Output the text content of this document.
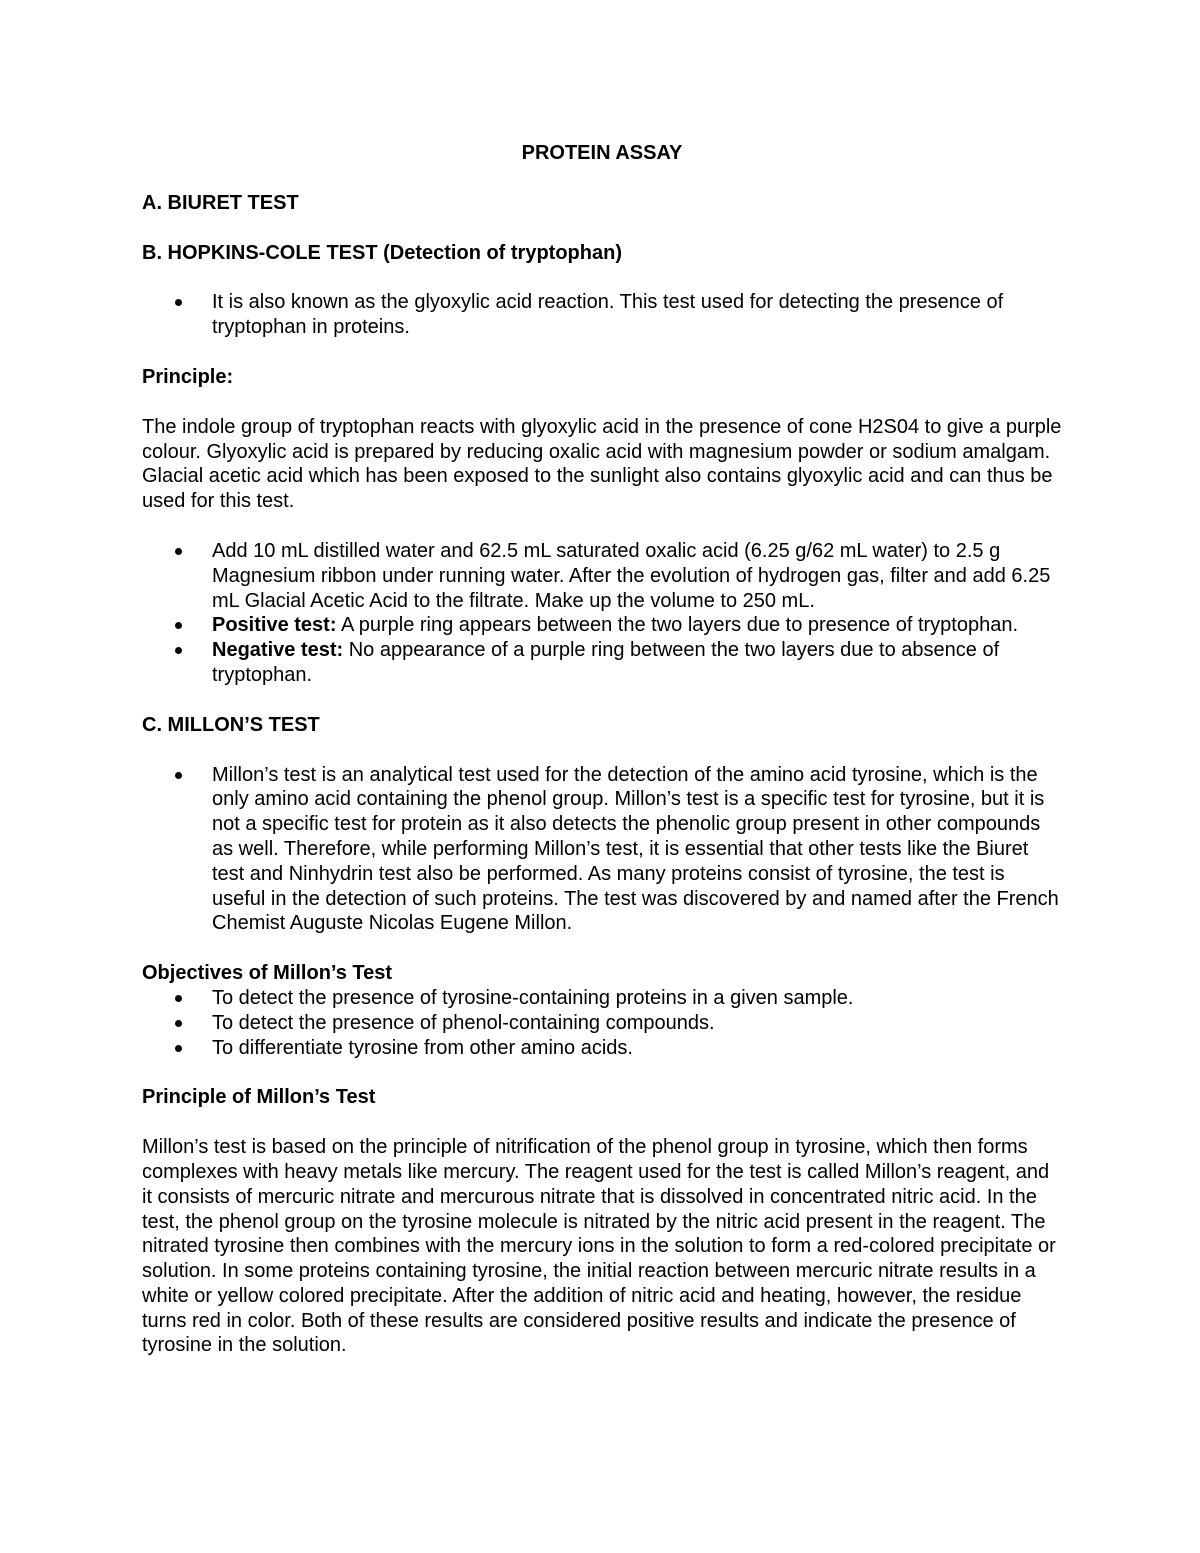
PROTEIN ASSAY
A. BIURET TEST
B. HOPKINS-COLE TEST (Detection of tryptophan)
It is also known as the glyoxylic acid reaction. This test used for detecting the presence of tryptophan in proteins.
Principle:

The indole group of tryptophan reacts with glyoxylic acid in the presence of cone H2S04 to give a purple colour. Glyoxylic acid is prepared by reducing oxalic acid with magnesium powder or sodium amalgam. Glacial acetic acid which has been exposed to the sunlight also contains glyoxylic acid and can thus be used for this test.

Add 10 mL distilled water and 62.5 mL saturated oxalic acid (6.25 g/62 mL water) to 2.5 g Magnesium ribbon under running water. After the evolution of hydrogen gas, filter and add 6.25 mL Glacial Acetic Acid to the filtrate. Make up the volume to 250 mL.
Positive test: A purple ring appears between the two layers due to presence of tryptophan.
Negative test: No appearance of a purple ring between the two layers due to absence of tryptophan.
C. MILLON’S TEST
Millon’s test is an analytical test used for the detection of the amino acid tyrosine, which is the only amino acid containing the phenol group. Millon’s test is a specific test for tyrosine, but it is not a specific test for protein as it also detects the phenolic group present in other compounds as well. Therefore, while performing Millon’s test, it is essential that other tests like the Biuret test and Ninhydrin test also be performed. As many proteins consist of tyrosine, the test is useful in the detection of such proteins. The test was discovered by and named after the French Chemist Auguste Nicolas Eugene Millon.
Objectives of Millon’s Test
To detect the presence of tyrosine-containing proteins in a given sample.
To detect the presence of phenol-containing compounds.
To differentiate tyrosine from other amino acids.
Principle of Millon’s Test

Millon’s test is based on the principle of nitrification of the phenol group in tyrosine, which then forms complexes with heavy metals like mercury. The reagent used for the test is called Millon’s reagent, and it consists of mercuric nitrate and mercurous nitrate that is dissolved in concentrated nitric acid. In the test, the phenol group on the tyrosine molecule is nitrated by the nitric acid present in the reagent. The nitrated tyrosine then combines with the mercury ions in the solution to form a red-colored precipitate or solution. In some proteins containing tyrosine, the initial reaction between mercuric nitrate results in a white or yellow colored precipitate. After the addition of nitric acid and heating, however, the residue turns red in color. Both of these results are considered positive results and indicate the presence of tyrosine in the solution.
